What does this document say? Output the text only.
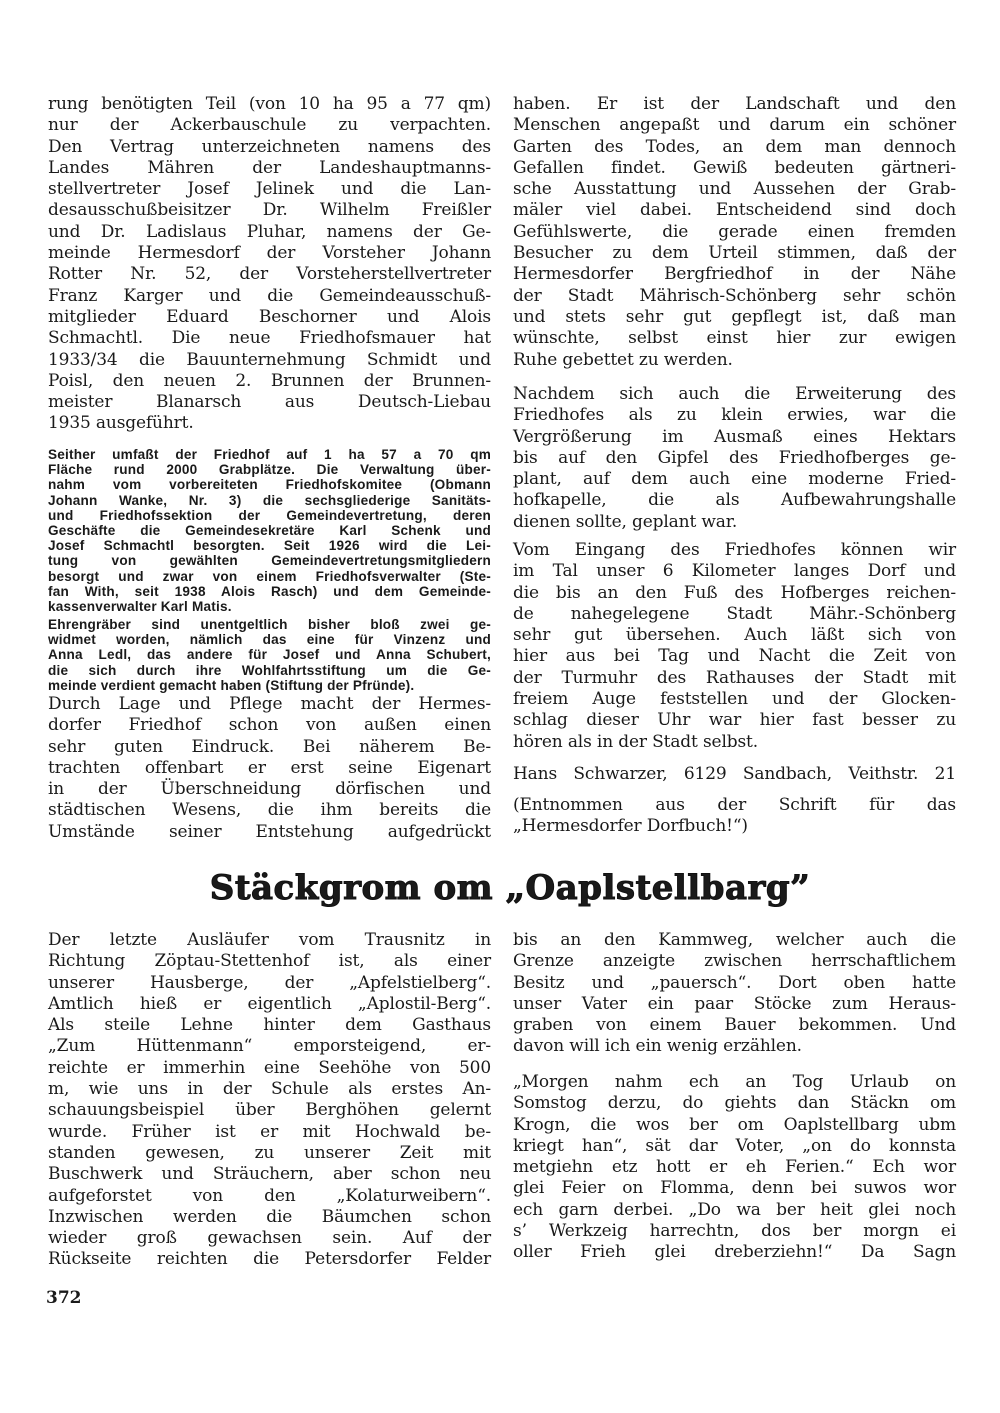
rung benötigten Teil (von 10 ha 95 a 77 qm)
nur der Ackerbauschule zu verpachten.
Den Vertrag unterzeichneten namens des
Landes Mähren der Landeshauptmanns-
stellvertreter Josef Jelinek und die Lan-
desausschußbeisitzer Dr. Wilhelm Freißler
und Dr. Ladislaus Pluhar, namens der Ge-
meinde Hermesdorf der Vorsteher Johann
Rotter Nr. 52, der Vorsteherstellvertreter
Franz Karger und die Gemeindeausschuß-
mitglieder Eduard Beschorner und Alois
Schmachtl. Die neue Friedhofsmauer hat
1933/34 die Bauunternehmung Schmidt und
Poisl, den neuen 2. Brunnen der Brunnen-
meister Blanarsch aus Deutsch-Liebau
1935 ausgeführt.

Seither umfaßt der Friedhof auf 1 ha 57 a 70 qm
Fläche rund 2000 Grabplätze. Die Verwaltung über-
nahm vom vorbereiteten Friedhofskomitee (Obmann
Johann Wanke, Nr. 3) die sechsgliederige Sanitäts-
und Friedhofssektion der Gemeindevertretung, deren
Geschäfte die Gemeindesekretäre Karl Schenk und
Josef Schmachtl besorgten. Seit 1926 wird die Lei-
tung von gewählten Gemeindevertretungsmitgliedern
besorgt und zwar von einem Friedhofsverwalter (Ste-
fan With, seit 1938 Alois Rasch) und dem Gemeinde-
kassenverwalter Karl Matis.

Ehrengräber sind unentgeltlich bisher bloß zwei ge-
widmet worden, nämlich das eine für Vinzenz und
Anna Ledl, das andere für Josef und Anna Schubert,
die sich durch ihre Wohlfahrtsstiftung um die Ge-
meinde verdient gemacht haben (Stiftung der Pfründe).

Durch Lage und Pflege macht der Hermes-
dorfer Friedhof schon von außen einen
sehr guten Eindruck. Bei näherem Be-
trachten offenbart er erst seine Eigenart
in der Überschneidung dörfischen und
städtischen Wesens, die ihm bereits die
Umstände seiner Entstehung aufgedrückt

haben. Er ist der Landschaft und den
Menschen angepaßt und darum ein schöner
Garten des Todes, an dem man dennoch
Gefallen findet. Gewiß bedeuten gärtneri-
sche Ausstattung und Aussehen der Grab-
mäler viel dabei. Entscheidend sind doch
Gefühlswerte, die gerade einen fremden
Besucher zu dem Urteil stimmen, daß der
Hermesdorfer Bergfriedhof in der Nähe
der Stadt Mährisch-Schönberg sehr schön
und stets sehr gut gepflegt ist, daß man
wünschte, selbst einst hier zur ewigen
Ruhe gebettet zu werden.

Nachdem sich auch die Erweiterung des
Friedhofes als zu klein erwies, war die
Vergrößerung im Ausmaß eines Hektars
bis auf den Gipfel des Friedhofberges ge-
plant, auf dem auch eine moderne Fried-
hofkapelle, die als Aufbewahrungshalle
dienen sollte, geplant war.

Vom Eingang des Friedhofes können wir
im Tal unser 6 Kilometer langes Dorf und
die bis an den Fuß des Hofberges reichen-
de nahegelegene Stadt Mähr.-Schönberg
sehr gut übersehen. Auch läßt sich von
hier aus bei Tag und Nacht die Zeit von
der Turmuhr des Rathauses der Stadt mit
freiem Auge feststellen und der Glocken-
schlag dieser Uhr war hier fast besser zu
hören als in der Stadt selbst.

Hans Schwarzer, 6129 Sandbach, Veithstr. 21

(Entnommen aus der Schrift für das
„Hermesdorfer Dorfbuch!“)

Stäckgrom om „Oaplstellbarg”

Der letzte Ausläufer vom Trausnitz in
Richtung Zöptau-Stettenhof ist, als einer
unserer Hausberge, der „Apfelstielberg“.
Amtlich hieß er eigentlich „Aplostil-Berg“.
Als steile Lehne hinter dem Gasthaus
„Zum Hüttenmann“ emporsteigend, er-
reichte er immerhin eine Seehöhe von 500
m, wie uns in der Schule als erstes An-
schauungsbeispiel über Berghöhen gelernt
wurde. Früher ist er mit Hochwald be-
standen gewesen, zu unserer Zeit mit
Buschwerk und Sträuchern, aber schon neu
aufgeforstet von den „Kolaturweibern“.
Inzwischen werden die Bäumchen schon
wieder groß gewachsen sein. Auf der
Rückseite reichten die Petersdorfer Felder

bis an den Kammweg, welcher auch die
Grenze anzeigte zwischen herrschaftlichem
Besitz und „pauersch“. Dort oben hatte
unser Vater ein paar Stöcke zum Heraus-
graben von einem Bauer bekommen. Und
davon will ich ein wenig erzählen.

„Morgen nahm ech an Tog Urlaub on
Somstog derzu, do giehts dan Stäckn om
Krogn, die wos ber om Oaplstellbarg ubm
kriegt han“, sät dar Voter, „on do konnsta
metgiehn etz hott er eh Ferien.“ Ech wor
glei Feier on Flomma, denn bei suwos wor
ech garn derbei. „Do wa ber heit glei noch
s’ Werkzeig harrechtn, dos ber morgn ei
oller Frieh glei dreberziehn!“ Da Sagn

372
